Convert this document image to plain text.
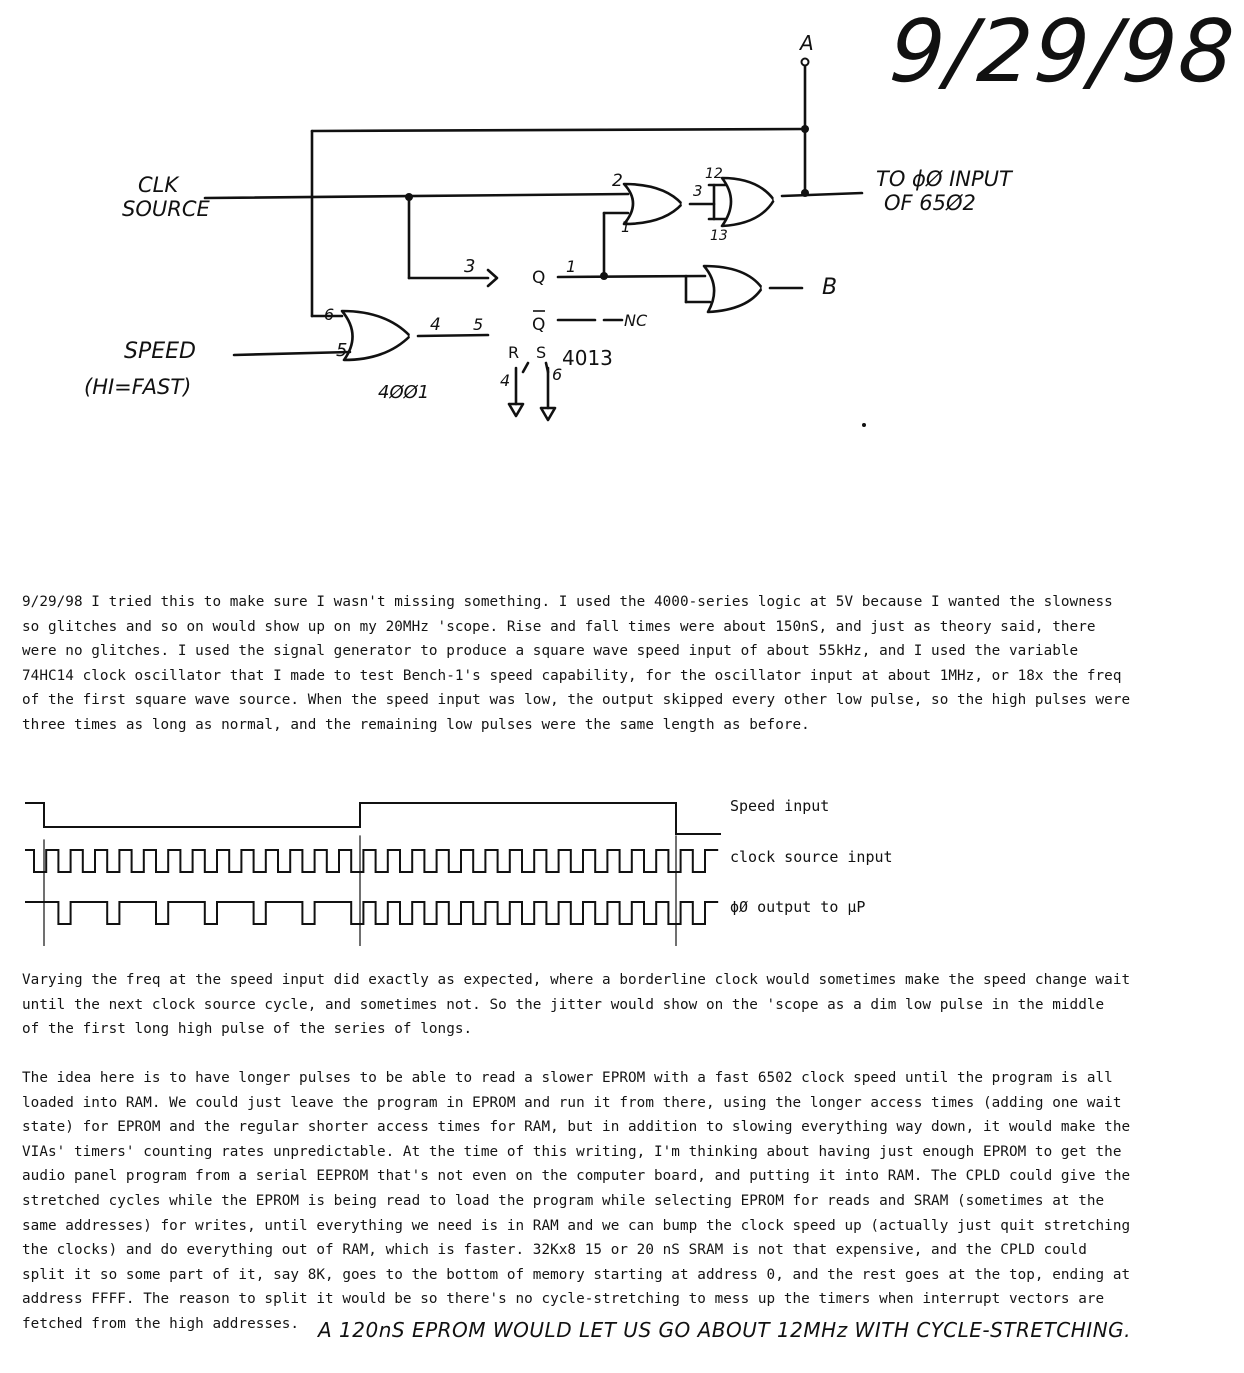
9/29/98
A
B
CLK
SOURCE
TO ϕØ INPUT
OF 65Ø2
SPEED
(HI=FAST)	4ØØ1
4013
NC
3
Q
1
Q
5
R S
4	6
6
5
4
2
1
3
12
13

9/29/98 I tried this to make sure I wasn't missing something. I used the 4000-series logic at 5V because I wanted the slowness
so glitches and so on would show up on my 20MHz 'scope. Rise and fall times were about 150nS, and just as theory said, there
were no glitches. I used the signal generator to produce a square wave speed input of about 55kHz, and I used the variable
74HC14 clock oscillator that I made to test Bench-1's speed capability, for the oscillator input at about 1MHz, or 18x the freq
of the first square wave source. When the speed input was low, the output skipped every other low pulse, so the high pulses were
three times as long as normal, and the remaining low pulses were the same length as before.

Speed input
clock source input
ϕØ output to µP

Varying the freq at the speed input did exactly as expected, where a borderline clock would sometimes make the speed change wait
until the next clock source cycle, and sometimes not. So the jitter would show on the 'scope as a dim low pulse in the middle
of the first long high pulse of the series of longs.

The idea here is to have longer pulses to be able to read a slower EPROM with a fast 6502 clock speed until the program is all
loaded into RAM. We could just leave the program in EPROM and run it from there, using the longer access times (adding one wait
state) for EPROM and the regular shorter access times for RAM, but in addition to slowing everything way down, it would make the
VIAs' timers' counting rates unpredictable. At the time of this writing, I'm thinking about having just enough EPROM to get the
audio panel program from a serial EEPROM that's not even on the computer board, and putting it into RAM. The CPLD could give the
stretched cycles while the EPROM is being read to load the program while selecting EPROM for reads and SRAM (sometimes at the
same addresses) for writes, until everything we need is in RAM and we can bump the clock speed up (actually just quit stretching
the clocks) and do everything out of RAM, which is faster. 32Kx8 15 or 20 nS SRAM is not that expensive, and the CPLD could
split it so some part of it, say 8K, goes to the bottom of memory starting at address 0, and the rest goes at the top, ending at
address FFFF. The reason to split it would be so there's no cycle-stretching to mess up the timers when interrupt vectors are
fetched from the high addresses. A 120nS EPROM WOULD LET US GO ABOUT 12MHz WITH CYCLE-STRETCHING.
